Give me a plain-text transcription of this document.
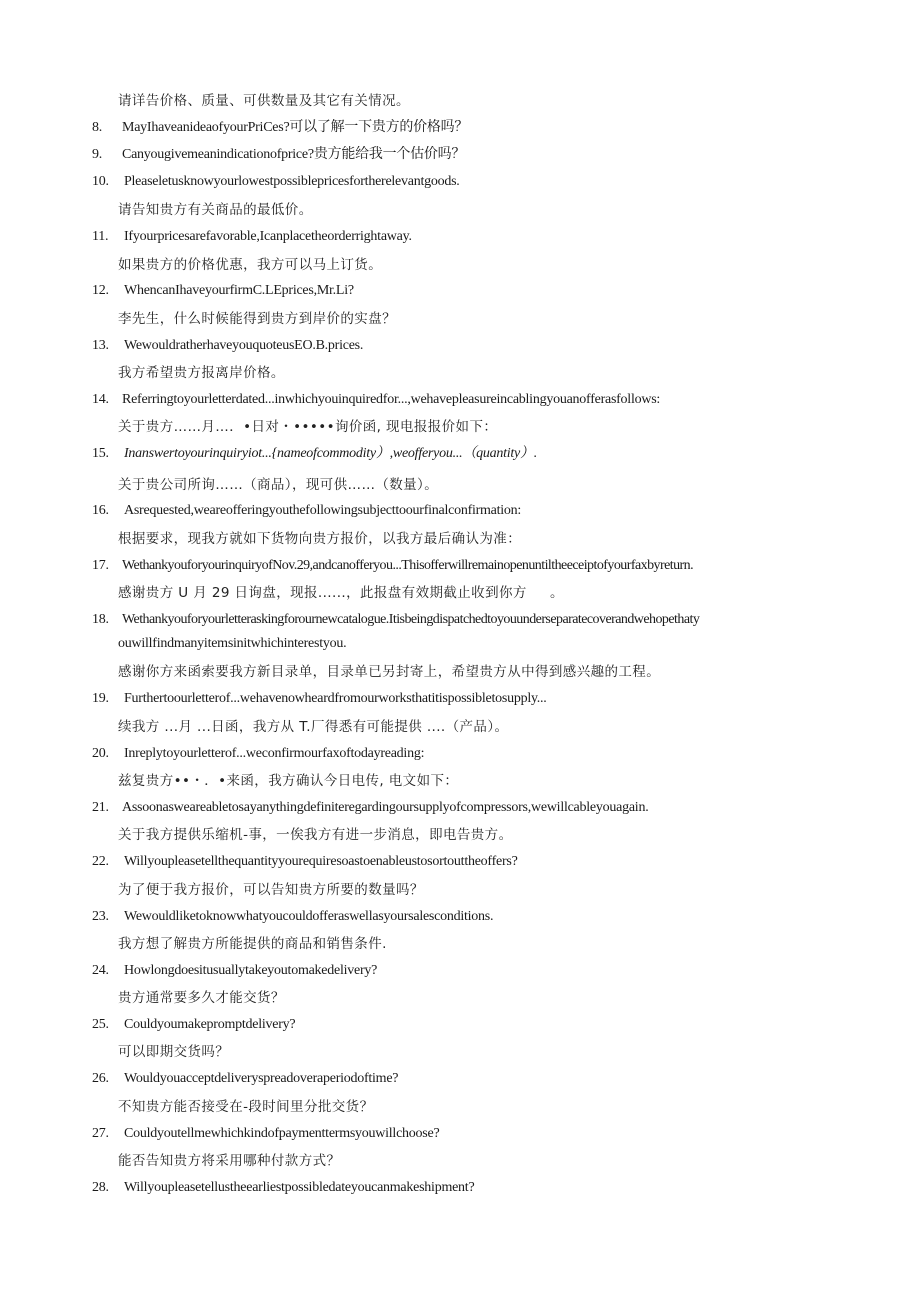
请详告价格、质量、可供数量及其它有关情况。
8. MayIhaveanideaofyourPriCes?可以了解一下贵方的价格吗？
9. Canyougivemeanindicationofprice?贵方能给我一个估价吗？
10. Pleaseletusknowyourlowestpossiblepricesfortherelevantgoods.
请告知贵方有关商品的最低价。
11. Ifyourpricesarefavorable,Icanplacetheorderrightaway.
如果贵方的价格优惠，我方可以马上订货。
12. WhencanIhaveyourfirmC.LEprices,Mr.Li?
李先生，什么时候能得到贵方到岸价的实盘？
13. WewouldratherhaveyouquoteusEO.B.prices.
我方希望贵方报离岸价格。
14. Referringtoyourletterdated...inwhichyouinquiredfor...,wehavepleasureincablingyouanofferasfollows:
关于贵方……月…．•日对・•••••询价函, 现电报报价如下：
15. Inanswertoyourinquiryiot...{nameofcommodity）,weofferyou...（quantity）.
关于贵公司所询……（商品），现可供……（数量）。
16. Asrequested,weareofferingyouthefollowingsubjecttoourfinalconfirmation:
根据要求，现我方就如下货物向贵方报价，以我方最后确认为准：
17. WethankyouforyourinquiryofNov.29,andcanofferyou...Thisofferwillremainopenuntiltheeceiptofyourfaxbyreturn.
感谢贵方 U 月 29 日询盘，现报......，此报盘有效期截止收到你方 　 。
18. Wethankyouforyourletteraskingforournewcatalogue.Itisbeingdispatchedtoyouunderseparatecoverandwehopethaty
ouwillfindmanyitemsinitwhichinterestyou.
感谢你方来函索要我方新目录单，目录单已另封寄上，希望贵方从中得到感兴趣的工程。
19. Furthertoourletterof...wehavenowheardfromourworksthatitispossibletosupply...
续我方 ...月 ...日函，我方从 T.厂得悉有可能提供 ....（产品）。
20. Inreplytoyourletterof...weconfirmourfaxoftodayreading:
兹复贵方••・．•来函，我方确认今日电传, 电文如下：
21. Assoonasweareabletosayanythingdefiniteregardingoursupplyofcompressors,wewillcableyouagain.
关于我方提供乐缩机-事，一俟我方有进一步消息，即电告贵方。
22. Willyoupleasetellthequantityyourequiresoastoenableustosortouttheoffers?
为了便于我方报价，可以告知贵方所要的数量吗？
23. Wewouldliketoknowwhatyoucouldofferaswellasyoursalesconditions.
我方想了解贵方所能提供的商品和销售条件.
24. Howlongdoesitusuallytakeyoutomakedelivery?
贵方通常要多久才能交货？
25. Couldyoumakepromptdelivery?
可以即期交货吗？
26. Wouldyouacceptdeliveryspreadoveraperiodoftime?
不知贵方能否接受在-段时间里分批交货？
27. Couldyoutellmewhichkindofpaymenttermsyouwillchoose?
能否告知贵方将采用哪种付款方式？
28. Willyoupleasetellustheearliestpossibledateyoucanmakeshipment?
